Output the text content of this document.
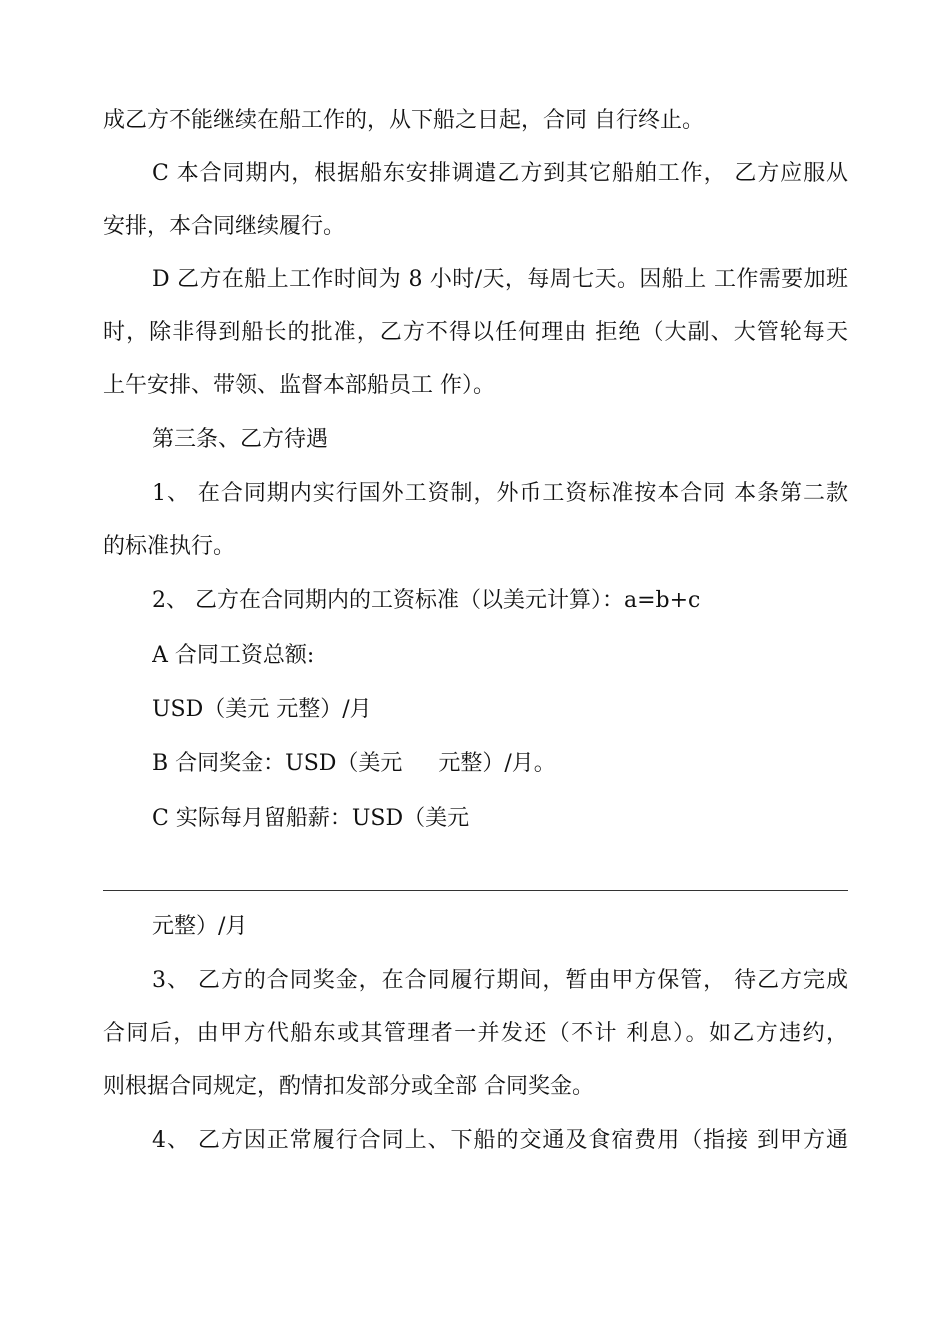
成乙方不能继续在船工作的，从下船之日起，合同 自行终止。
C 本合同期内，根据船东安排调遣乙方到其它船舶工作， 乙方应服从
安排，本合同继续履行。
D 乙方在船上工作时间为 8 小时/天，每周七天。因船上 工作需要加班
时，除非得到船长的批准，乙方不得以任何理由 拒绝（大副、大管轮每天
上午安排、带领、监督本部船员工 作）。
第三条、乙方待遇
1、 在合同期内实行国外工资制，外币工资标准按本合同 本条第二款
的标准执行。
2、 乙方在合同期内的工资标准（以美元计算）：a=b+c
A 合同工资总额:
USD（美元 元整）/月
B 合同奖金：USD（美元 　 元整）/月。
C 实际每月留船薪：USD（美元
元整）/月
3、 乙方的合同奖金，在合同履行期间，暂由甲方保管， 待乙方完成
合同后，由甲方代船东或其管理者一并发还（不计 利息）。如乙方违约，
则根据合同规定，酌情扣发部分或全部 合同奖金。
4、 乙方因正常履行合同上、下船的交通及食宿费用（指接 到甲方通
